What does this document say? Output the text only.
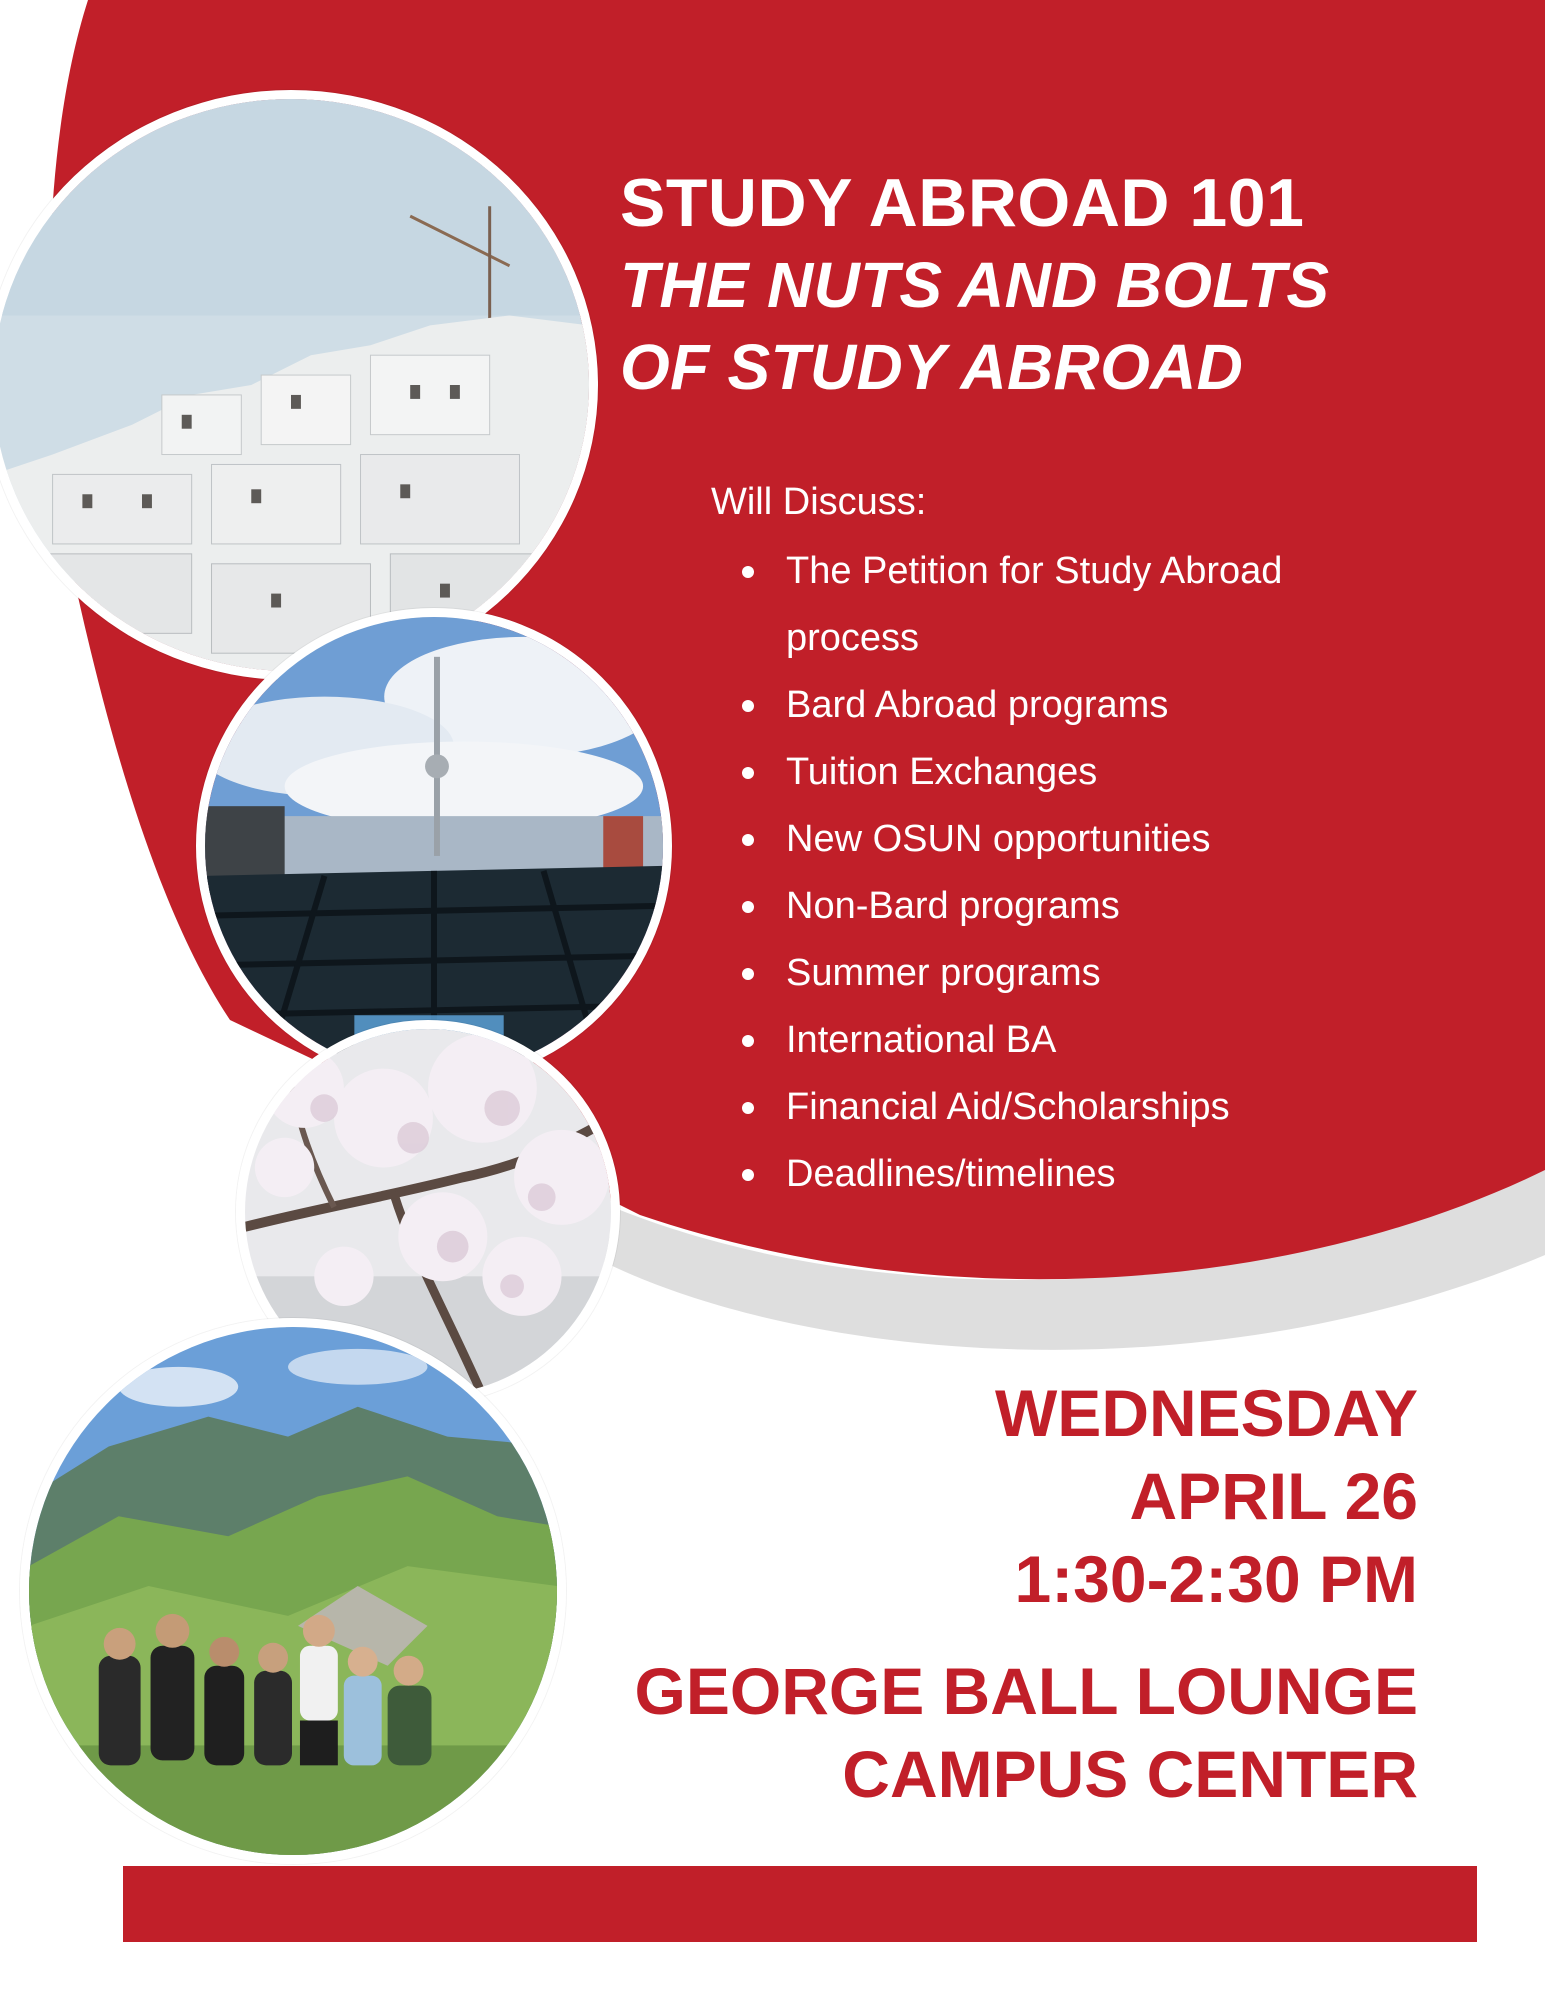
STUDY ABROAD 101
THE NUTS AND BOLTS
OF STUDY ABROAD
Will Discuss:
The Petition for Study Abroad process
Bard Abroad programs
Tuition Exchanges
New OSUN opportunities
Non-Bard programs
Summer programs
International BA
Financial Aid/Scholarships
Deadlines/timelines
WEDNESDAY
APRIL 26
1:30-2:30 PM
GEORGE BALL LOUNGE
CAMPUS CENTER
